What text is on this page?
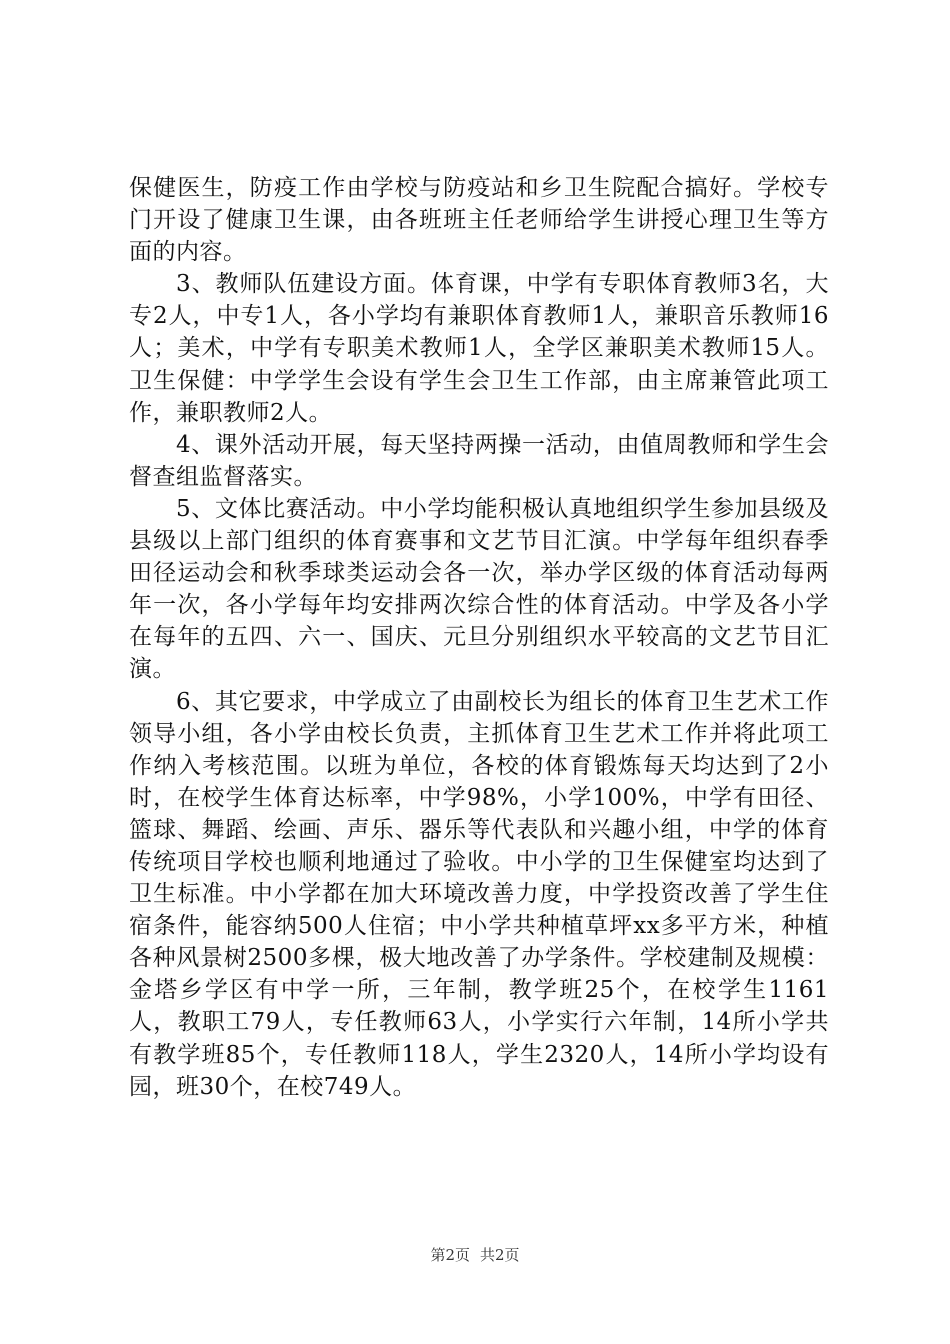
保健医生，防疫工作由学校与防疫站和乡卫生院配合搞好。学校专门开设了健康卫生课，由各班班主任老师给学生讲授心理卫生等方面的内容。

3、教师队伍建设方面。体育课，中学有专职体育教师3名，大专2人，中专1人，各小学均有兼职体育教师1人，兼职音乐教师16人；美术，中学有专职美术教师1人，全学区兼职美术教师15人。卫生保健：中学学生会设有学生会卫生工作部，由主席兼管此项工作，兼职教师2人。

4、课外活动开展，每天坚持两操一活动，由值周教师和学生会督查组监督落实。

5、文体比赛活动。中小学均能积极认真地组织学生参加县级及县级以上部门组织的体育赛事和文艺节目汇演。中学每年组织春季田径运动会和秋季球类运动会各一次，举办学区级的体育活动每两年一次，各小学每年均安排两次综合性的体育活动。中学及各小学在每年的五四、六一、国庆、元旦分别组织水平较高的文艺节目汇演。

6、其它要求，中学成立了由副校长为组长的体育卫生艺术工作领导小组，各小学由校长负责，主抓体育卫生艺术工作并将此项工作纳入考核范围。以班为单位，各校的体育锻炼每天均达到了2小时，在校学生体育达标率，中学98%，小学100%，中学有田径、篮球、舞蹈、绘画、声乐、器乐等代表队和兴趣小组，中学的体育传统项目学校也顺利地通过了验收。中小学的卫生保健室均达到了卫生标准。中小学都在加大环境改善力度，中学投资改善了学生住宿条件，能容纳500人住宿；中小学共种植草坪xx多平方米，种植各种风景树2500多棵，极大地改善了办学条件。学校建制及规模：金塔乡学区有中学一所，三年制，教学班25个，在校学生1161人，教职工79人，专任教师63人，小学实行六年制，14所小学共有教学班85个，专任教师118人，学生2320人，14所小学均设有园，班30个，在校749人。

第2页 共2页
